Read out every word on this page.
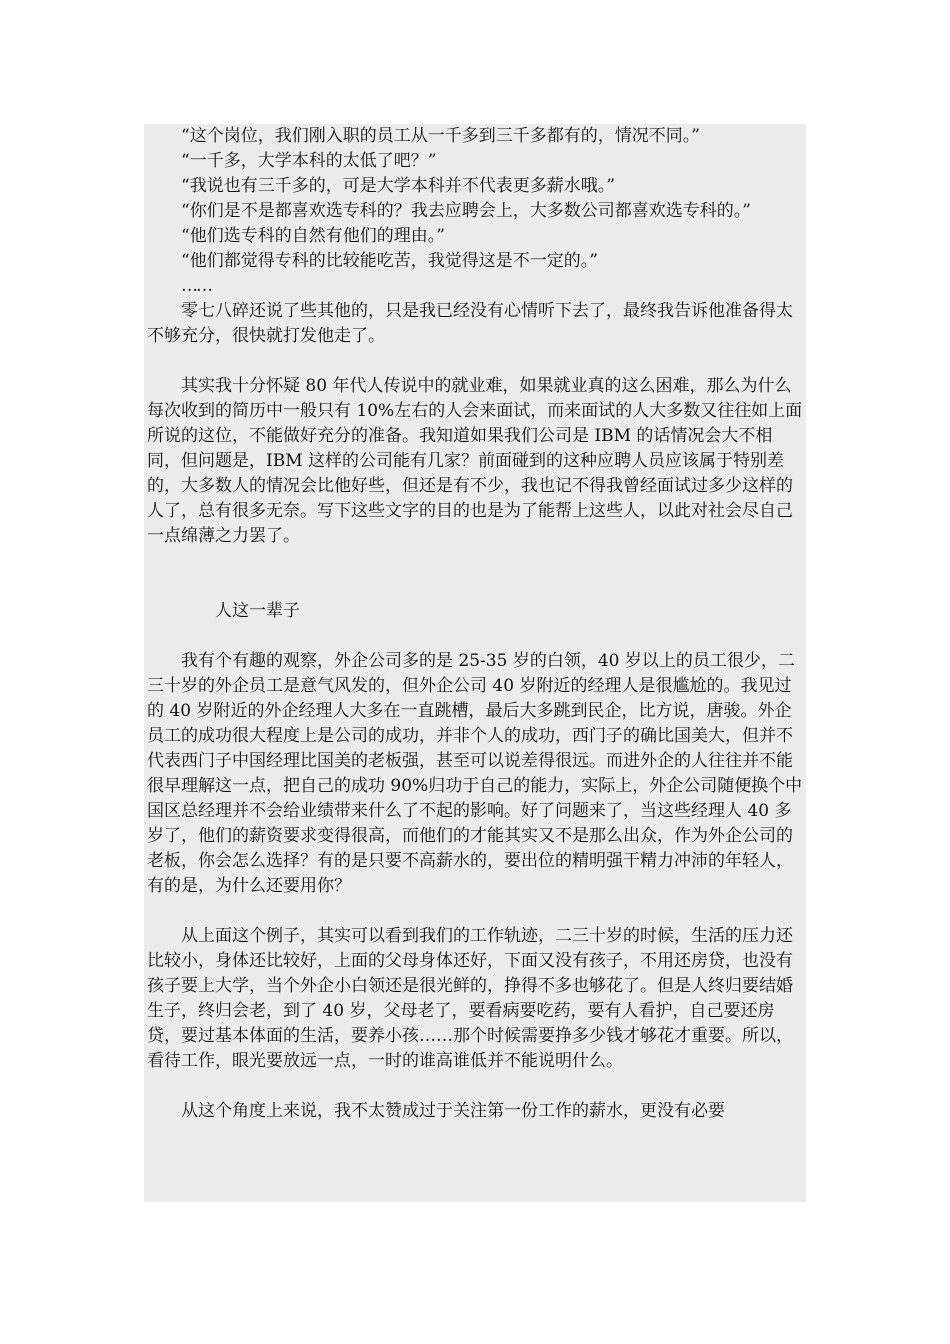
“这个岗位，我们刚入职的员工从一千多到三千多都有的，情况不同。”

“一千多，大学本科的太低了吧？”

“我说也有三千多的，可是大学本科并不代表更多薪水哦。”

“你们是不是都喜欢选专科的？我去应聘会上，大多数公司都喜欢选专科的。”

“他们选专科的自然有他们的理由。”

“他们都觉得专科的比较能吃苦，我觉得这是不一定的。”

……

零七八碎还说了些其他的，只是我已经没有心情听下去了，最终我告诉他准备得太不够充分，很快就打发他走了。

其实我十分怀疑 80 年代人传说中的就业难，如果就业真的这么困难，那么为什么每次收到的简历中一般只有 10%左右的人会来面试，而来面试的人大多数又往往如上面所说的这位，不能做好充分的准备。我知道如果我们公司是 IBM 的话情况会大不相同，但问题是，IBM 这样的公司能有几家？前面碰到的这种应聘人员应该属于特别差的，大多数人的情况会比他好些，但还是有不少，我也记不得我曾经面试过多少这样的人了，总有很多无奈。写下这些文字的目的也是为了能帮上这些人，以此对社会尽自己一点绵薄之力罢了。

人这一辈子

我有个有趣的观察，外企公司多的是 25-35 岁的白领，40 岁以上的员工很少，二三十岁的外企员工是意气风发的，但外企公司 40 岁附近的经理人是很尴尬的。我见过的 40 岁附近的外企经理人大多在一直跳槽，最后大多跳到民企，比方说，唐骏。外企员工的成功很大程度上是公司的成功，并非个人的成功，西门子的确比国美大，但并不代表西门子中国经理比国美的老板强，甚至可以说差得很远。而进外企的人往往并不能很早理解这一点，把自己的成功 90%归功于自己的能力，实际上，外企公司随便换个中国区总经理并不会给业绩带来什么了不起的影响。好了问题来了，当这些经理人 40 多岁了，他们的薪资要求变得很高，而他们的才能其实又不是那么出众，作为外企公司的老板，你会怎么选择？有的是只要不高薪水的，要出位的精明强干精力冲沛的年轻人，有的是，为什么还要用你？

从上面这个例子，其实可以看到我们的工作轨迹，二三十岁的时候，生活的压力还比较小，身体还比较好，上面的父母身体还好，下面又没有孩子，不用还房贷，也没有孩子要上大学，当个外企小白领还是很光鲜的，挣得不多也够花了。但是人终归要结婚生子，终归会老，到了 40 岁，父母老了，要看病要吃药，要有人看护，自己要还房贷，要过基本体面的生活，要养小孩……那个时候需要挣多少钱才够花才重要。所以，看待工作，眼光要放远一点，一时的谁高谁低并不能说明什么。

从这个角度上来说，我不太赞成过于关注第一份工作的薪水，更没有必要
